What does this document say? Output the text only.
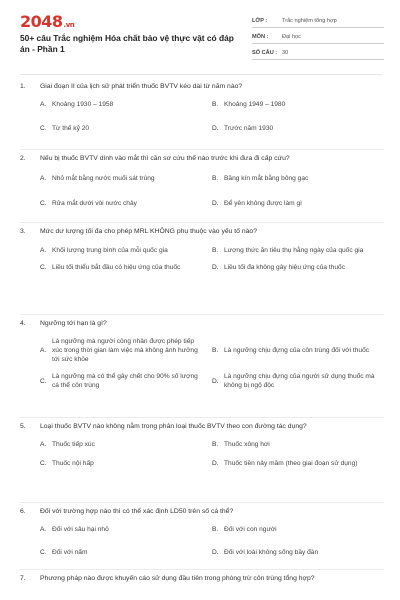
2048.vn
50+ câu Trắc nghiệm Hóa chất bảo vệ thực vật có đáp án - Phần 1
LỚP :	Trắc nghiệm tổng hợp
MÔN :	Đại học
SỐ CÂU : 30
1.	Giai đoạn II của lịch sử phát triển thuốc BVTV kéo dài từ năm nào?
A. Khoảng 1930 – 1958	B. Khoảng 1949 – 1980
C. Từ thế kỷ 20	D. Trước năm 1930
2.	Nếu bị thuốc BVTV dính vào mắt thì cần sơ cứu thế nào trước khi đưa đi cấp cứu?
A. Nhỏ mắt bằng nước muối sát trùng	B. Băng kín mắt bằng bông gạc
C. Rửa mắt dưới vòi nước chảy	D. Để yên không được làm gì
3.	Mức dư lượng tối đa cho phép MRL KHÔNG phụ thuộc vào yếu tố nào?
A. Khối lượng trung bình của mỗi quốc gia	B. Lượng thức ăn tiêu thụ hằng ngày của quốc gia
C. Liều tối thiểu bắt đầu có hiệu ứng của thuốc	D. Liều tối đa không gây hiệu ứng của thuốc
4.	Ngưỡng tới hạn là gì?
A.
Là ngưỡng mà người công nhân được phép tiếp xúc trong thời gian làm việc mà không ảnh hưởng tới sức khỏe
B. Là ngưỡng chịu đựng của côn trùng đối với thuốc
C.
Là ngưỡng mà có thể gây chết cho 90% số lượng cá thể côn trùng
D.
Là ngưỡng chịu đựng của người sử dụng thuốc mà không bị ngộ độc
5.	Loại thuốc BVTV nào không nằm trong phân loại thuốc BVTV theo con đường tác dụng?
A. Thuốc tiếp xúc	B. Thuốc xông hơi
C. Thuốc nội hấp	D. Thuốc tiền nảy mầm (theo giai đoạn sử dụng)
6.	Đối với trường hợp nào thì có thể xác định LD50 trên số cá thể?
A. Đối với sâu hại nhỏ	B. Đối với con người
C. Đối với nấm	D. Đối với loài không sống bầy đàn
7.	Phương pháp nào được khuyến cáo sử dụng đầu tiên trong phòng trừ côn trùng tổng hợp?
